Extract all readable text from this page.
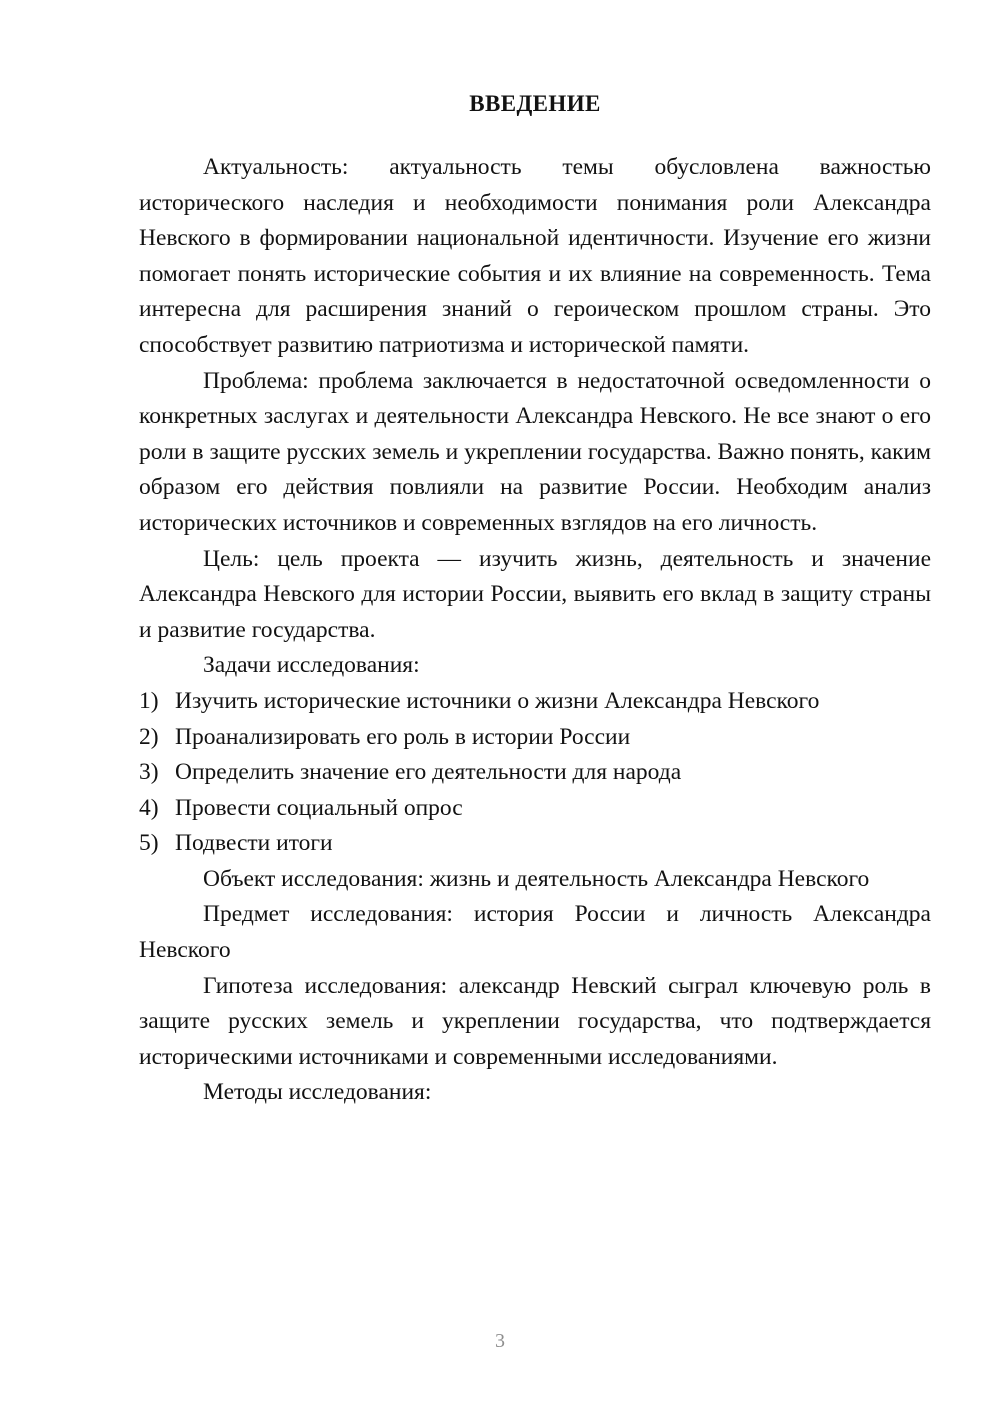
ВВЕДЕНИЕ

Актуальность: актуальность темы обусловлена важностью исторического наследия и необходимости понимания роли Александра Невского в формировании национальной идентичности. Изучение его жизни помогает понять исторические события и их влияние на современность. Тема интересна для расширения знаний о героическом прошлом страны. Это способствует развитию патриотизма и исторической памяти.

Проблема: проблема заключается в недостаточной осведомленности о конкретных заслугах и деятельности Александра Невского. Не все знают о его роли в защите русских земель и укреплении государства. Важно понять, каким образом его действия повлияли на развитие России. Необходим анализ исторических источников и современных взглядов на его личность.

Цель: цель проекта — изучить жизнь, деятельность и значение Александра Невского для истории России, выявить его вклад в защиту страны и развитие государства.

Задачи исследования:

1) Изучить исторические источники о жизни Александра Невского
2) Проанализировать его роль в истории России
3) Определить значение его деятельности для народа
4) Провести социальный опрос
5) Подвести итоги

Объект исследования: жизнь и деятельность Александра Невского

Предмет исследования: история России и личность Александра Невского

Гипотеза исследования: александр Невский сыграл ключевую роль в защите русских земель и укреплении государства, что подтверждается историческими источниками и современными исследованиями.

Методы исследования:

3
